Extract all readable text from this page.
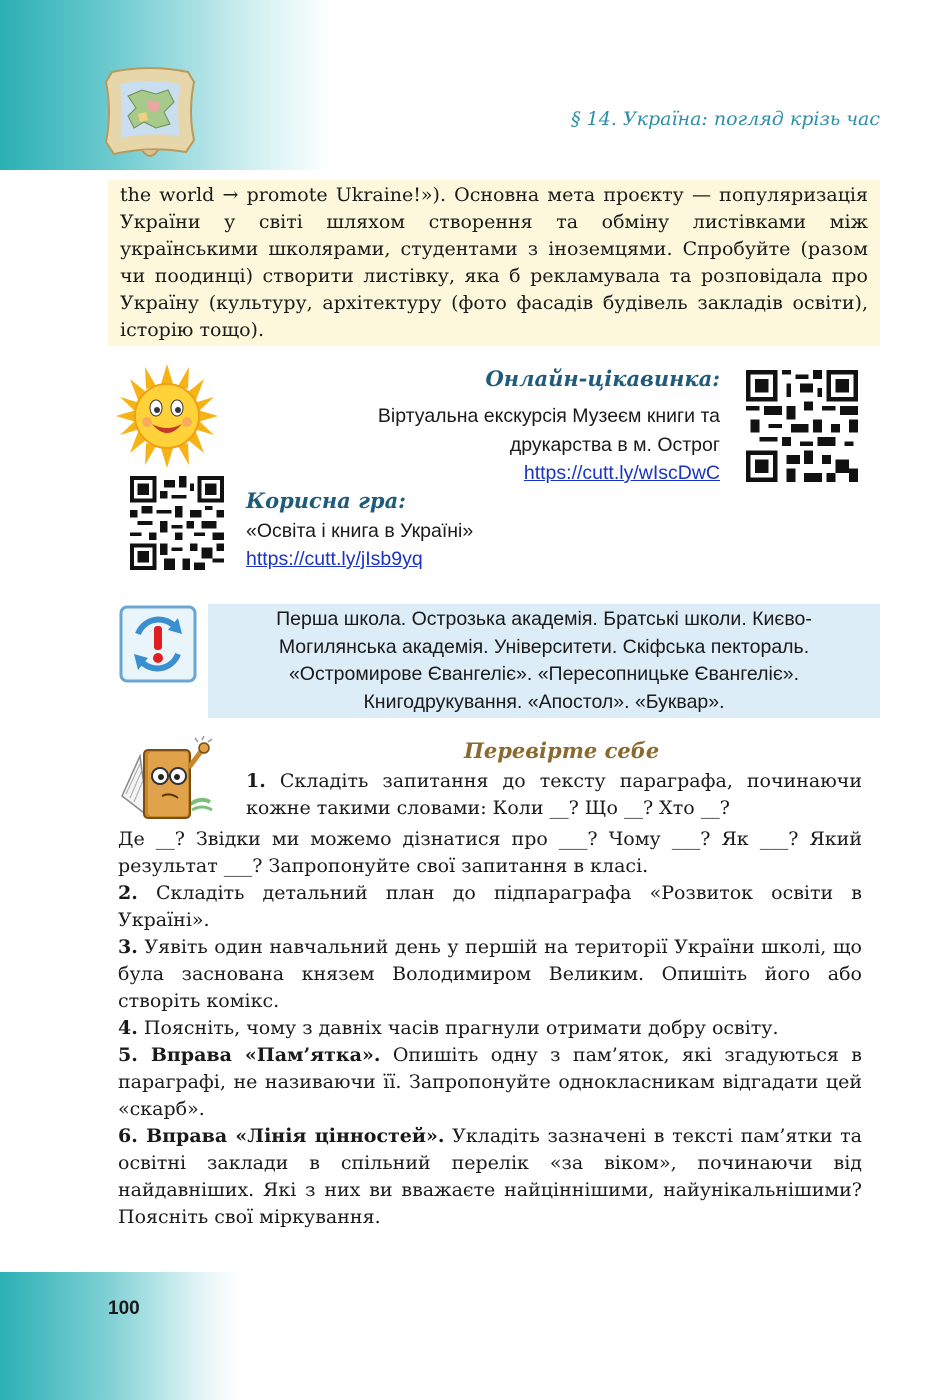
§ 14. Україна: погляд крізь час

the world → promote Ukraine!»). Основна мета проєкту — популяризація України у світі шляхом створення та обміну листівками між українськими школярами, студентами з іноземцями. Спробуйте (разом чи поодинці) створити листівку, яка б рекламувала та розповідала про Україну (культуру, архітектуру (фото фасадів будівель закладів освіти), історію тощо).

Онлайн-цікавинка:
Віртуальна екскурсія Музеєм книги та
друкарства в м. Острог
https://cutt.ly/wIscDwC
Корисна гра:
«Освіта і книга в Україні»
https://cutt.ly/jIsb9yq
Перша школа. Острозька академія. Братські школи. Києво-
Могилянська академія. Університети. Скіфська пектораль.
«Остромирове Євангеліє». «Пересопницьке Євангеліє».
Книгодрукування. «Апостол». «Буквар».
Перевірте себе

1. Складіть запитання до тексту параграфа, починаючи кожне такими словами: Коли __? Що __? Хто __?

Де __? Звідки ми можемо дізнатися про ___? Чому ___? Як ___? Який результат ___? Запропонуйте свої запитання в класі.

2. Складіть детальний план до підпараграфа «Розвиток освіти в Україні».

3. Уявіть один навчальний день у першій на території України школі, що була заснована князем Володимиром Великим. Опишіть його або створіть комікс.

4. Поясніть, чому з давніх часів прагнули отримати добру освіту.

5. Вправа «Пам’ятка». Опишіть одну з пам’яток, які згадуються в параграфі, не називаючи її. Запропонуйте однокласникам відгадати цей «скарб».

6. Вправа «Лінія цінностей». Укладіть зазначені в тексті пам’ятки та освітні заклади в спільний перелік «за віком», починаючи від найдавніших. Які з них ви вважаєте найціннішими, найунікальнішими? Поясніть свої міркування.

100
